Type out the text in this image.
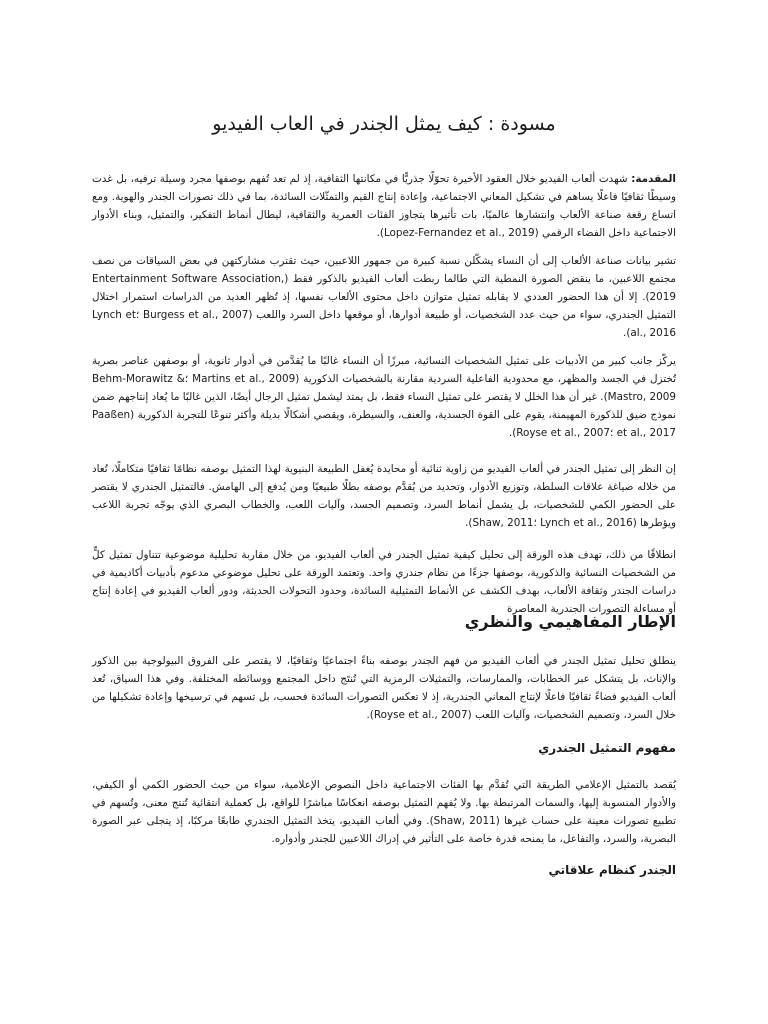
مسودة : كيف يمثل الجندر في العاب الفيديو

المقدمة: شهدت ألعاب الفيديو خلال العقود الأخيرة تحوّلًا جذريًّا في مكانتها الثقافية، إذ لم تعد تُفهم بوصفها مجرد وسيلة ترفيه، بل غدت وسيطًا ثقافيًا فاعلًا يساهم في تشكيل المعاني الاجتماعية، وإعادة إنتاج القيم والتمثّلات السائدة، بما في ذلك تصورات الجندر والهوية. ومع اتساع رقعة صناعة الألعاب وانتشارها عالميًا، بات تأثيرها يتجاوز الفئات العمرية والثقافية، ليطال أنماط التفكير، والتمثيل، وبناء الأدوار الاجتماعية داخل الفضاء الرقمي (Lopez-Fernandez et al., 2019).

تشير بيانات صناعة الألعاب إلى أن النساء يشكّلن نسبة كبيرة من جمهور اللاعبين، حيث تقترب مشاركتهن في بعض السياقات من نصف مجتمع اللاعبين، ما ينقض الصورة النمطية التي طالما ربطت ألعاب الفيديو بالذكور فقط (Entertainment Software Association, 2019). إلا أن هذا الحضور العددي لا يقابله تمثيل متوازن داخل محتوى الألعاب نفسها، إذ تُظهر العديد من الدراسات استمرار اختلال التمثيل الجندري، سواء من حيث عدد الشخصيات، أو طبيعة أدوارها، أو موقعها داخل السرد واللعب (Burgess et al., 2007 ؛Lynch et al., 2016).

يركّز جانب كبير من الأدبيات على تمثيل الشخصيات النسائية، مبرزًا أن النساء غالبًا ما يُقدَّمن في أدوار ثانوية، أو بوصفهن عناصر بصرية تُختزل في الجسد والمظهر، مع محدودية الفاعلية السردية مقارنة بالشخصيات الذكورية (Martins et al., 2009 ؛Behm-Morawitz & Mastro, 2009). غير أن هذا الخلل لا يقتصر على تمثيل النساء فقط، بل يمتد ليشمل تمثيل الرجال أيضًا، الذين غالبًا ما يُعاد إنتاجهم ضمن نموذج ضيق للذكورة المهيمنة، يقوم على القوة الجسدية، والعنف، والسيطرة، ويقصي أشكالًا بديلة وأكثر تنوعًا للتجربة الذكورية (Paaßen et al., 2017 ؛Royse et al., 2007).

إن النظر إلى تمثيل الجندر في ألعاب الفيديو من زاوية ثنائية أو محايدة يُغفل الطبيعة البنيوية لهذا التمثيل بوصفه نظامًا ثقافيًا متكاملًا، تُعاد من خلاله صياغة علاقات السلطة، وتوزيع الأدوار، وتحديد من يُقدَّم بوصفه بطلًا طبيعيًا ومن يُدفع إلى الهامش. فالتمثيل الجندري لا يقتصر على الحضور الكمي للشخصيات، بل يشمل أنماط السرد، وتصميم الجسد، وآليات اللعب، والخطاب البصري الذي يوجّه تجربة اللاعب ويؤطرها (Lynch et al., 2016 ؛Shaw, 2011).

انطلاقًا من ذلك، تهدف هذه الورقة إلى تحليل كيفية تمثيل الجندر في ألعاب الفيديو، من خلال مقاربة تحليلية موضوعية تتناول تمثيل كلٍّ من الشخصيات النسائية والذكورية، بوصفها جزءًا من نظام جندري واحد. وتعتمد الورقة على تحليل موضوعي مدعوم بأدبيات أكاديمية في دراسات الجندر وثقافة الألعاب، بهدف الكشف عن الأنماط التمثيلية السائدة، وحدود التحولات الحديثة، ودور ألعاب الفيديو في إعادة إنتاج أو مساءلة التصورات الجندرية المعاصرة

الإطار المفاهيمي والنظري

ينطلق تحليل تمثيل الجندر في ألعاب الفيديو من فهم الجندر بوصفه بناءً اجتماعيًا وثقافيًا، لا يقتصر على الفروق البيولوجية بين الذكور والإناث، بل يتشكل عبر الخطابات، والممارسات، والتمثيلات الرمزية التي تُنتَج داخل المجتمع ووسائطه المختلفة. وفي هذا السياق، تُعد ألعاب الفيديو فضاءً ثقافيًا فاعلًا لإنتاج المعاني الجندرية، إذ لا تعكس التصورات السائدة فحسب، بل تسهم في ترسيخها وإعادة تشكيلها من خلال السرد، وتصميم الشخصيات، وآليات اللعب (Royse et al., 2007).

مفهوم التمثيل الجندري

يُقصد بالتمثيل الإعلامي الطريقة التي تُقدَّم بها الفئات الاجتماعية داخل النصوص الإعلامية، سواء من حيث الحضور الكمي أو الكيفي، والأدوار المنسوبة إليها، والسمات المرتبطة بها. ولا يُفهم التمثيل بوصفه انعكاسًا مباشرًا للواقع، بل كعملية انتقائية تُنتج معنى، وتُسهم في تطبيع تصورات معينة على حساب غيرها (Shaw, 2011). وفي ألعاب الفيديو، يتخذ التمثيل الجندري طابعًا مركبًا، إذ يتجلى عبر الصورة البصرية، والسرد، والتفاعل، ما يمنحه قدرة خاصة على التأثير في إدراك اللاعبين للجندر وأدواره.

الجندر كنظام علاقاتي
